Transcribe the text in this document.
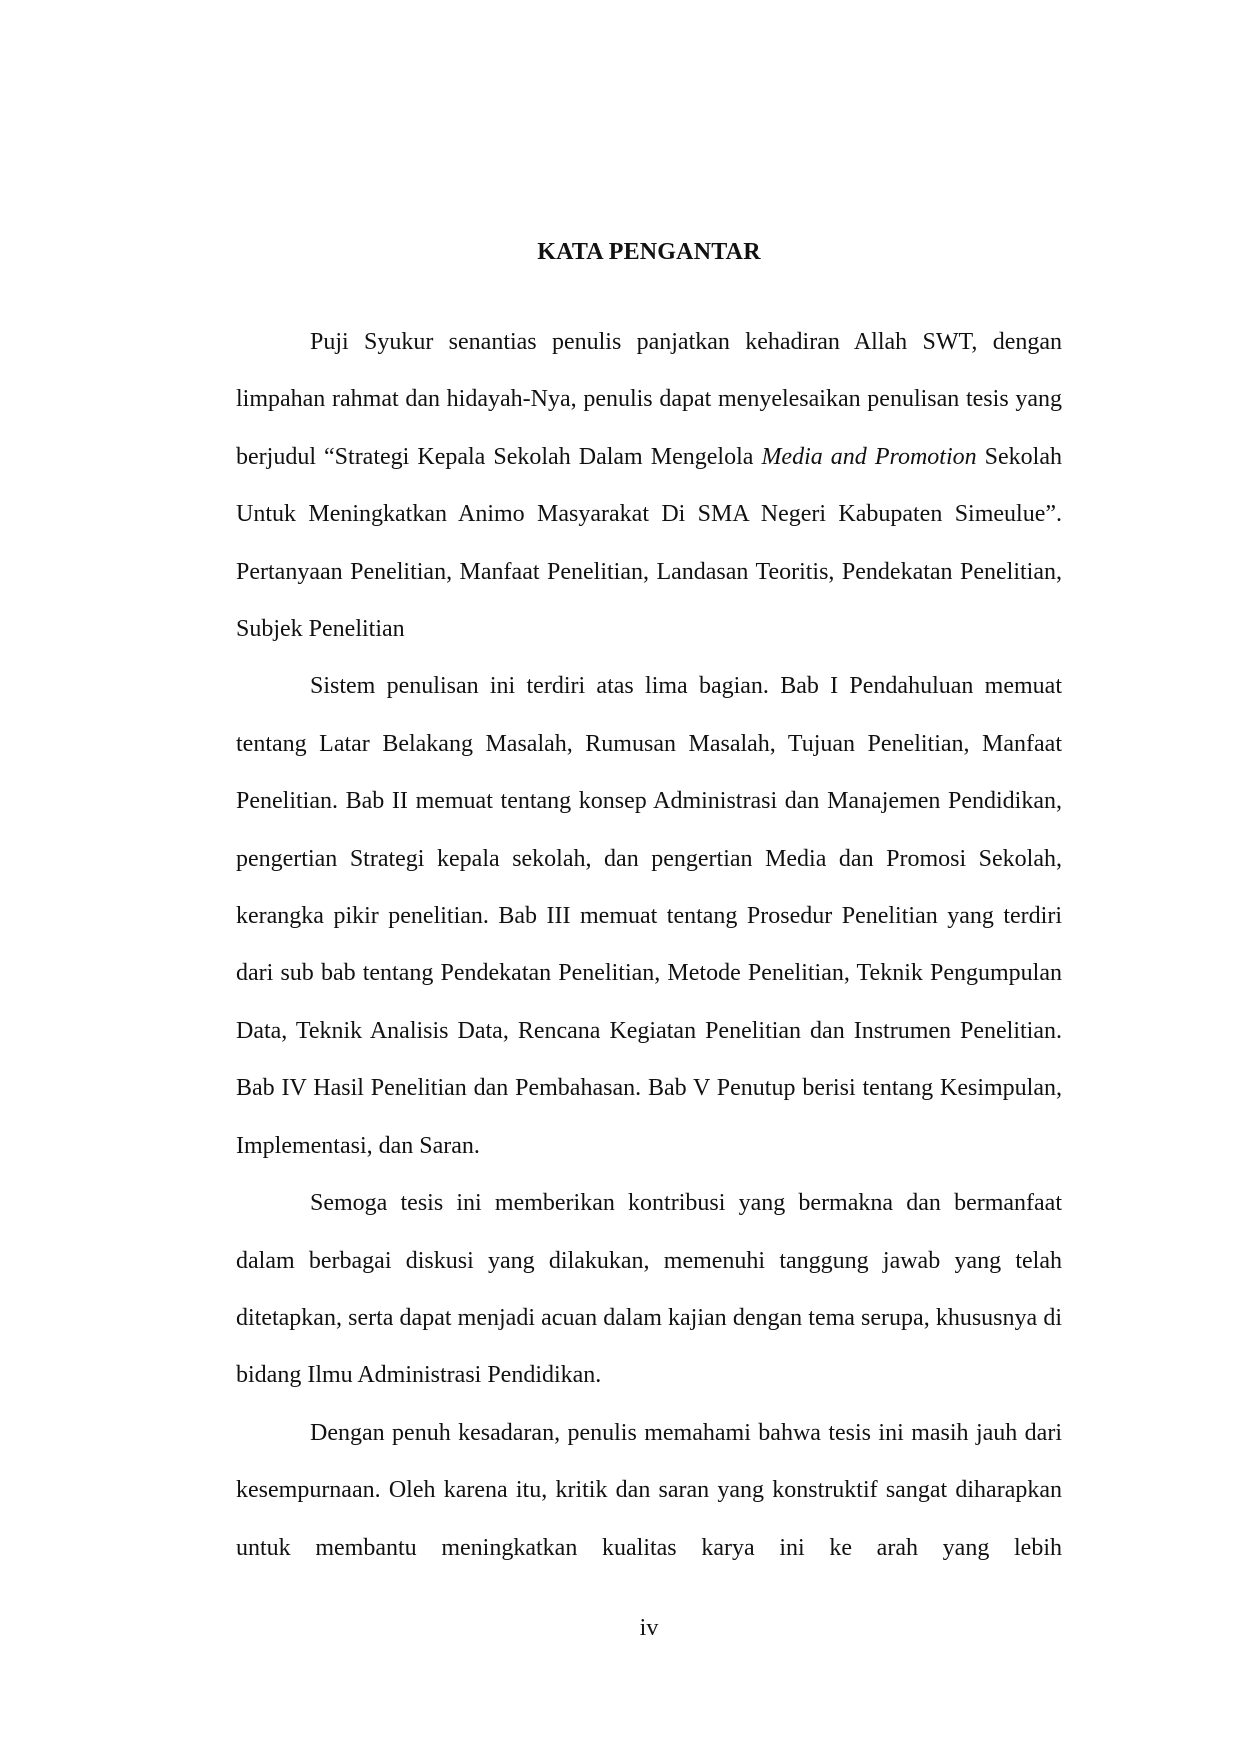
KATA PENGANTAR

Puji Syukur senantias penulis panjatkan kehadiran Allah SWT, dengan limpahan rahmat dan hidayah-Nya, penulis dapat menyelesaikan penulisan tesis yang berjudul “Strategi Kepala Sekolah Dalam Mengelola Media and Promotion Sekolah Untuk Meningkatkan Animo Masyarakat Di SMA Negeri Kabupaten Simeulue”. Pertanyaan Penelitian, Manfaat Penelitian, Landasan Teoritis, Pendekatan Penelitian, Subjek Penelitian

Sistem penulisan ini terdiri atas lima bagian. Bab I Pendahuluan memuat tentang Latar Belakang Masalah, Rumusan Masalah, Tujuan Penelitian, Manfaat Penelitian. Bab II memuat tentang konsep Administrasi dan Manajemen Pendidikan, pengertian Strategi kepala sekolah, dan pengertian Media dan Promosi Sekolah, kerangka pikir penelitian. Bab III memuat tentang Prosedur Penelitian yang terdiri dari sub bab tentang Pendekatan Penelitian, Metode Penelitian, Teknik Pengumpulan Data, Teknik Analisis Data, Rencana Kegiatan Penelitian dan Instrumen Penelitian. Bab IV Hasil Penelitian dan Pembahasan. Bab V Penutup berisi tentang Kesimpulan, Implementasi, dan Saran.

Semoga tesis ini memberikan kontribusi yang bermakna dan bermanfaat dalam berbagai diskusi yang dilakukan, memenuhi tanggung jawab yang telah ditetapkan, serta dapat menjadi acuan dalam kajian dengan tema serupa, khususnya di bidang Ilmu Administrasi Pendidikan.

Dengan penuh kesadaran, penulis memahami bahwa tesis ini masih jauh dari kesempurnaan. Oleh karena itu, kritik dan saran yang konstruktif sangat diharapkan untuk membantu meningkatkan kualitas karya ini ke arah yang lebih

iv
